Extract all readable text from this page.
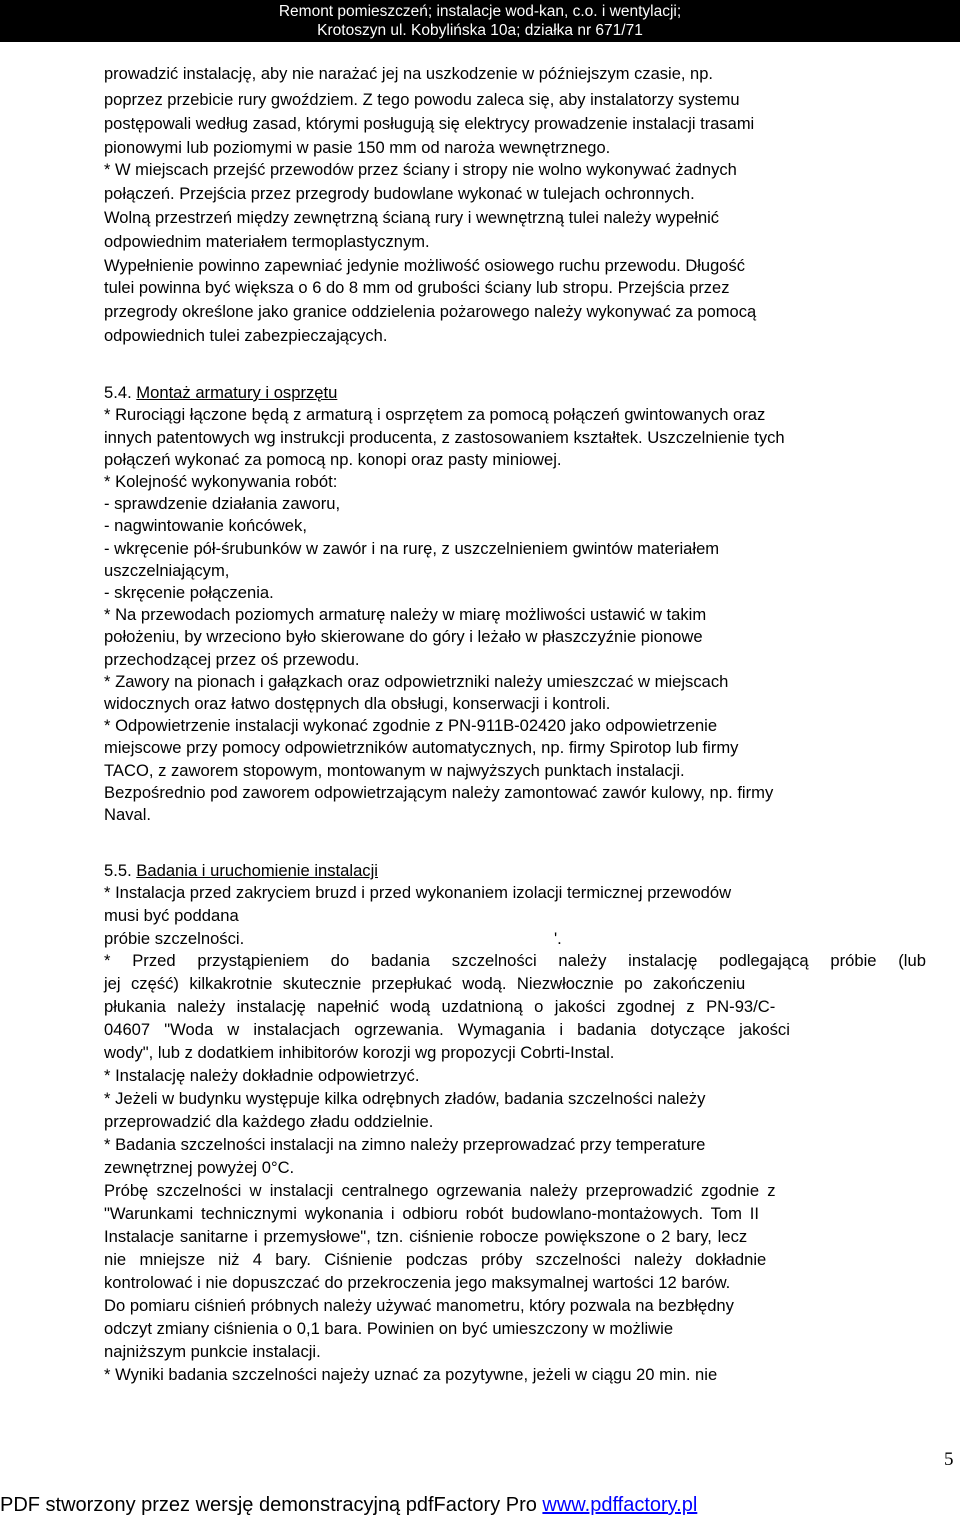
Remont pomieszczeń; instalacje wod-kan, c.o. i wentylacji;
Krotoszyn ul. Kobylińska 10a; działka nr 671/71
prowadzić instalację, aby nie narażać jej na uszkodzenie w późniejszym czasie, np.
poprzez przebicie rury gwoździem. Z tego powodu zaleca się, aby instalatorzy systemu
postępowali według zasad, którymi posługują się elektrycy prowadzenie instalacji trasami
pionowymi lub poziomymi w pasie 150 mm od naroża wewnętrznego.
* W miejscach przejść przewodów przez ściany i stropy nie wolno wykonywać żadnych
połączeń. Przejścia przez przegrody budowlane wykonać w tulejach ochronnych.
Wolną przestrzeń między zewnętrzną ścianą rury i wewnętrzną tulei należy wypełnić
odpowiednim materiałem termoplastycznym.
Wypełnienie powinno zapewniać jedynie możliwość osiowego ruchu przewodu. Długość
tulei powinna być większa o 6 do 8 mm od grubości ściany lub stropu. Przejścia przez
przegrody określone jako granice oddzielenia pożarowego należy wykonywać za pomocą
odpowiednich tulei zabezpieczających.
5.4. Montaż armatury i osprzętu
* Rurociągi łączone będą z armaturą i osprzętem za pomocą połączeń gwintowanych oraz
innych patentowych wg instrukcji producenta, z zastosowaniem kształtek. Uszczelnienie tych
połączeń wykonać za pomocą np. konopi oraz pasty miniowej.
* Kolejność wykonywania robót:
- sprawdzenie działania zaworu,
- nagwintowanie końcówek,
- wkręcenie pół-śrubunków w zawór i na rurę, z uszczelnieniem gwintów materiałem
uszczelniającym,
- skręcenie połączenia.
* Na przewodach poziomych armaturę należy w miarę możliwości ustawić w takim
położeniu, by wrzeciono było skierowane do góry i leżało w płaszczyźnie pionowe
przechodzącej przez oś przewodu.
* Zawory na pionach i gałązkach oraz odpowietrzniki należy umieszczać w miejscach
widocznych oraz łatwo dostępnych dla obsługi, konserwacji i kontroli.
* Odpowietrzenie instalacji wykonać zgodnie z PN-911B-02420 jako odpowietrzenie
miejscowe przy pomocy odpowietrzników automatycznych, np. firmy Spirotop lub firmy
TACO, z zaworem stopowym, montowanym w najwyższych punktach instalacji.
Bezpośrednio pod zaworem odpowietrzającym należy zamontować zawór kulowy, np. firmy
Naval.
5.5. Badania i uruchomienie instalacji
* Instalacja przed zakryciem bruzd i przed wykonaniem izolacji termicznej przewodów
musi być poddana
próbie szczelności.	'.
* Przed przystąpieniem do badania szczelności należy instalację podlegającą próbie (lub
jej część) kilkakrotnie skutecznie przepłukać wodą. Niezwłocznie po zakończeniu
płukania należy instalację napełnić wodą uzdatnioną o jakości zgodnej z PN-93/C-
04607 "Woda w instalacjach ogrzewania. Wymagania i badania dotyczące jakości
wody", lub z dodatkiem inhibitorów korozji wg propozycji Cobrti-Instal.
* Instalację należy dokładnie odpowietrzyć.
* Jeżeli w budynku występuje kilka odrębnych zładów, badania szczelności należy
przeprowadzić dla każdego zładu oddzielnie.
* Badania szczelności instalacji na zimno należy przeprowadzać przy temperature
zewnętrznej powyżej 0°C.
Próbę szczelności w instalacji centralnego ogrzewania należy przeprowadzić zgodnie z
"Warunkami technicznymi wykonania i odbioru robót budowlano-montażowych. Tom II
Instalacje sanitarne i przemysłowe", tzn. ciśnienie robocze powiększone o 2 bary, lecz
nie mniejsze niż 4 bary. Ciśnienie podczas próby szczelności należy dokładnie
kontrolować i nie dopuszczać do przekroczenia jego maksymalnej wartości 12 barów.
Do pomiaru ciśnień próbnych należy używać manometru, który pozwala na bezbłędny
odczyt zmiany ciśnienia o 0,1 bara. Powinien on być umieszczony w możliwie
najniższym punkcie instalacji.
* Wyniki badania szczelności najeży uznać za pozytywne, jeżeli w ciągu 20 min. nie
5
PDF stworzony przez wersję demonstracyjną pdfFactory Pro www.pdffactory.pl
